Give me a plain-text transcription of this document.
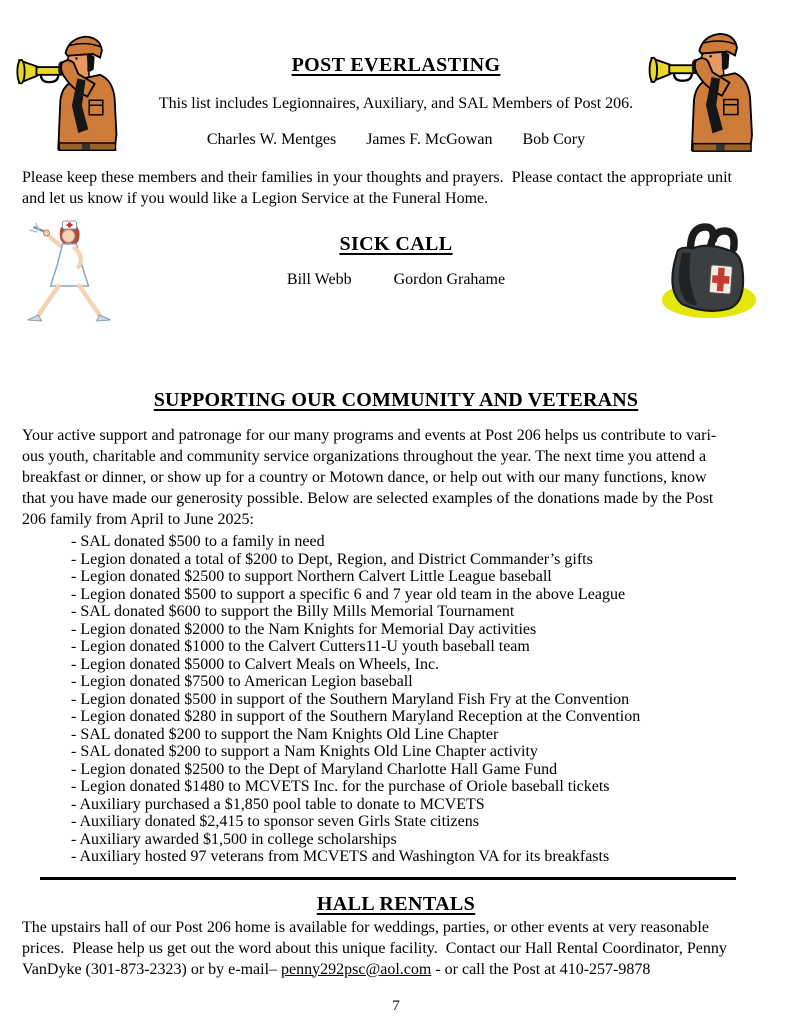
POST EVERLASTING
This list includes Legionnaires, Auxiliary, and SAL Members of Post 206.
Charles W. Mentges James F. McGowan Bob Cory
Please keep these members and their families in your thoughts and prayers.  Please contact the appropriate unit
and let us know if you would like a Legion Service at the Funeral Home.
SICK CALL
Bill Webb	Gordon Grahame
SUPPORTING OUR COMMUNITY AND VETERANS
Your active support and patronage for our many programs and events at Post 206 helps us contribute to vari-
ous youth, charitable and community service organizations throughout the year. The next time you attend a
breakfast or dinner, or show up for a country or Motown dance, or help out with our many functions, know
that you have made our generosity possible. Below are selected examples of the donations made by the Post
206 family from April to June 2025:
- SAL donated $500 to a family in need
- Legion donated a total of $200 to Dept, Region, and District Commander’s gifts
- Legion donated $2500 to support Northern Calvert Little League baseball
- Legion donated $500 to support a specific 6 and 7 year old team in the above League
- SAL donated $600 to support the Billy Mills Memorial Tournament
- Legion donated $2000 to the Nam Knights for Memorial Day activities
- Legion donated $1000 to the Calvert Cutters11-U youth baseball team
- Legion donated $5000 to Calvert Meals on Wheels, Inc.
- Legion donated $7500 to American Legion baseball
- Legion donated $500 in support of the Southern Maryland Fish Fry at the Convention
- Legion donated $280 in support of the Southern Maryland Reception at the Convention
- SAL donated $200 to support the Nam Knights Old Line Chapter
- SAL donated $200 to support a Nam Knights Old Line Chapter activity
- Legion donated $2500 to the Dept of Maryland Charlotte Hall Game Fund
- Legion donated $1480 to MCVETS Inc. for the purchase of Oriole baseball tickets
- Auxiliary purchased a $1,850 pool table to donate to MCVETS
- Auxiliary donated $2,415 to sponsor seven Girls State citizens
- Auxiliary awarded $1,500 in college scholarships
- Auxiliary hosted 97 veterans from MCVETS and Washington VA for its breakfasts
HALL RENTALS
The upstairs hall of our Post 206 home is available for weddings, parties, or other events at very reasonable
prices.  Please help us get out the word about this unique facility.  Contact our Hall Rental Coordinator, Penny
VanDyke (301-873-2323) or by e-mail– penny292psc@aol.com - or call the Post at 410-257-9878
7
